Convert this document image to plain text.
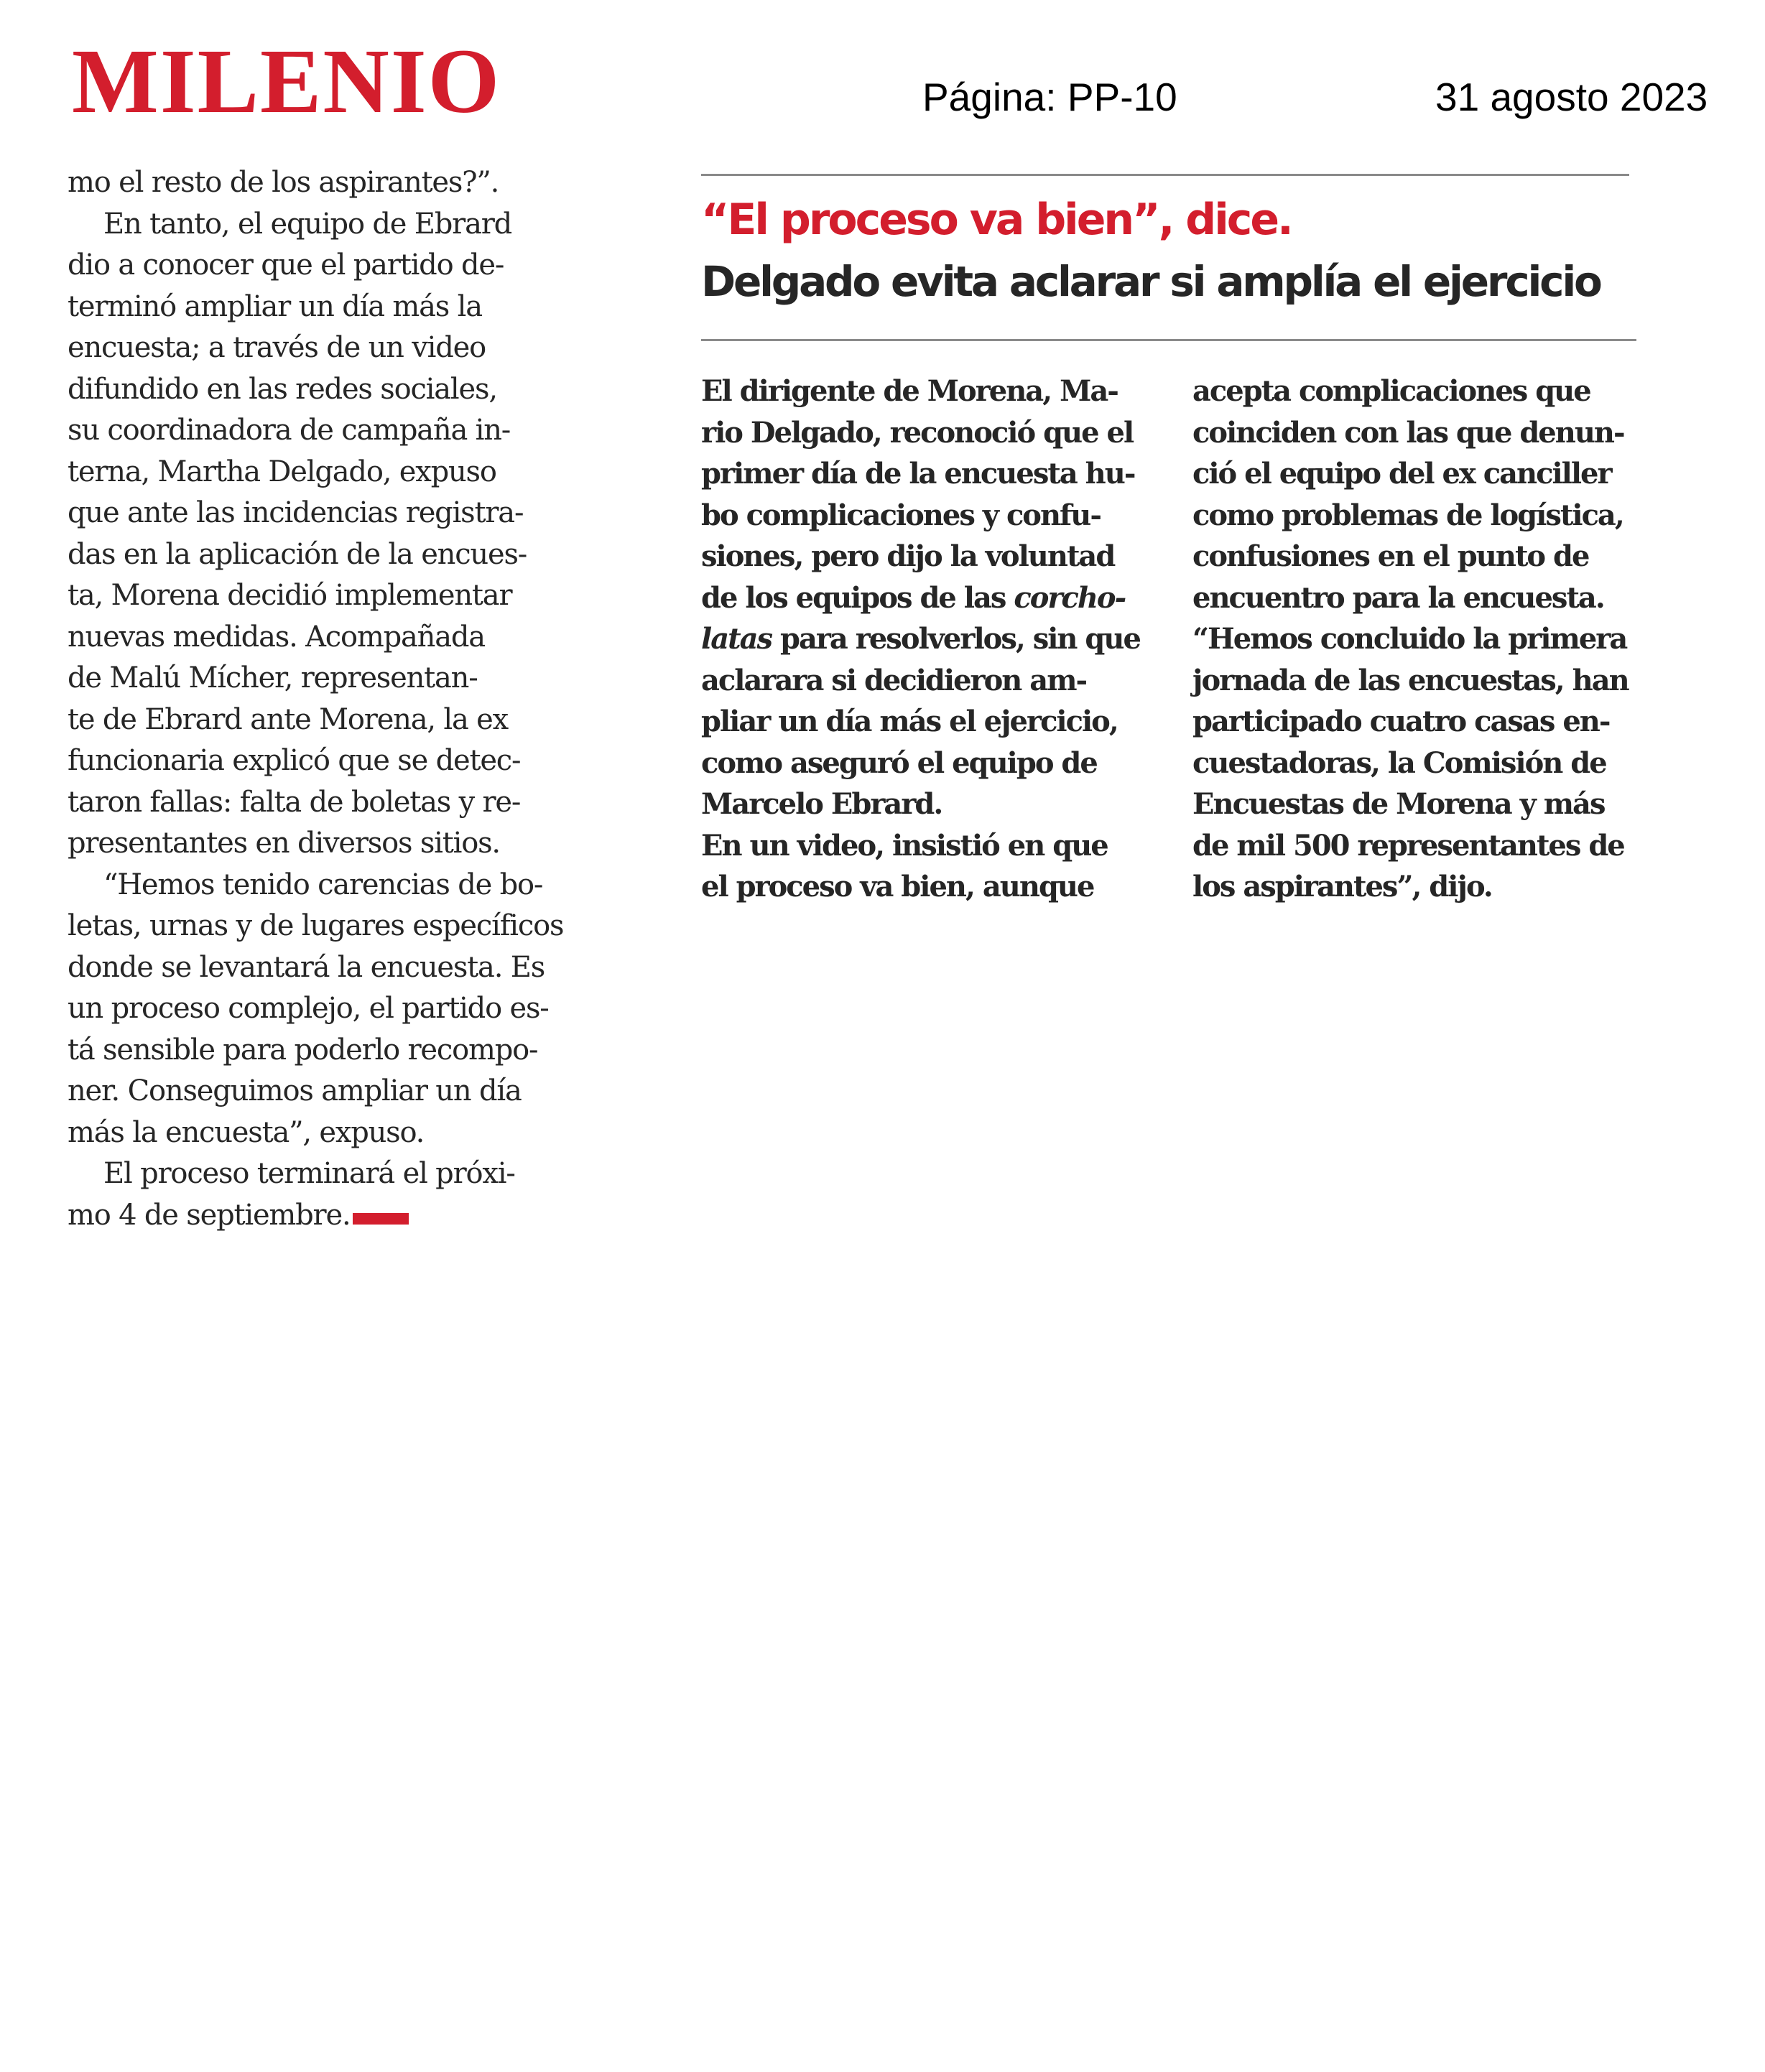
MILENIO	Página: PP-10	31 agosto 2023
mo el resto de los aspirantes?”.
En tanto, el equipo de Ebrard
dio a conocer que el partido de-
terminó ampliar un día más la
encuesta; a través de un video
difundido en las redes sociales,
su coordinadora de campaña in-
terna, Martha Delgado, expuso
que ante las incidencias registra-
das en la aplicación de la encues-
ta, Morena decidió implementar
nuevas medidas. Acompañada
de Malú Mícher, representan-
te de Ebrard ante Morena, la ex
funcionaria explicó que se detec-
taron fallas: falta de boletas y re-
presentantes en diversos sitios.
“Hemos tenido carencias de bo-
letas, urnas y de lugares específicos
donde se levantará la encuesta. Es
un proceso complejo, el partido es-
tá sensible para poderlo recompo-
ner. Conseguimos ampliar un día
más la encuesta”, expuso.
El proceso terminará el próxi-
mo 4 de septiembre.
“El proceso va bien”, dice.
Delgado evita aclarar si amplía el ejercicio
El dirigente de Morena, Ma-
rio Delgado, reconoció que el
primer día de la encuesta hu-
bo complicaciones y confu-
siones, pero dijo la voluntad
de los equipos de las corcho-
latas para resolverlos, sin que
aclarara si decidieron am-
pliar un día más el ejercicio,
como aseguró el equipo de
Marcelo Ebrard.
En un video, insistió en que
el proceso va bien, aunque
acepta complicaciones que
coinciden con las que denun-
ció el equipo del ex canciller
como problemas de logística,
confusiones en el punto de
encuentro para la encuesta.
“Hemos concluido la primera
jornada de las encuestas, han
participado cuatro casas en-
cuestadoras, la Comisión de
Encuestas de Morena y más
de mil 500 representantes de
los aspirantes”, dijo.
